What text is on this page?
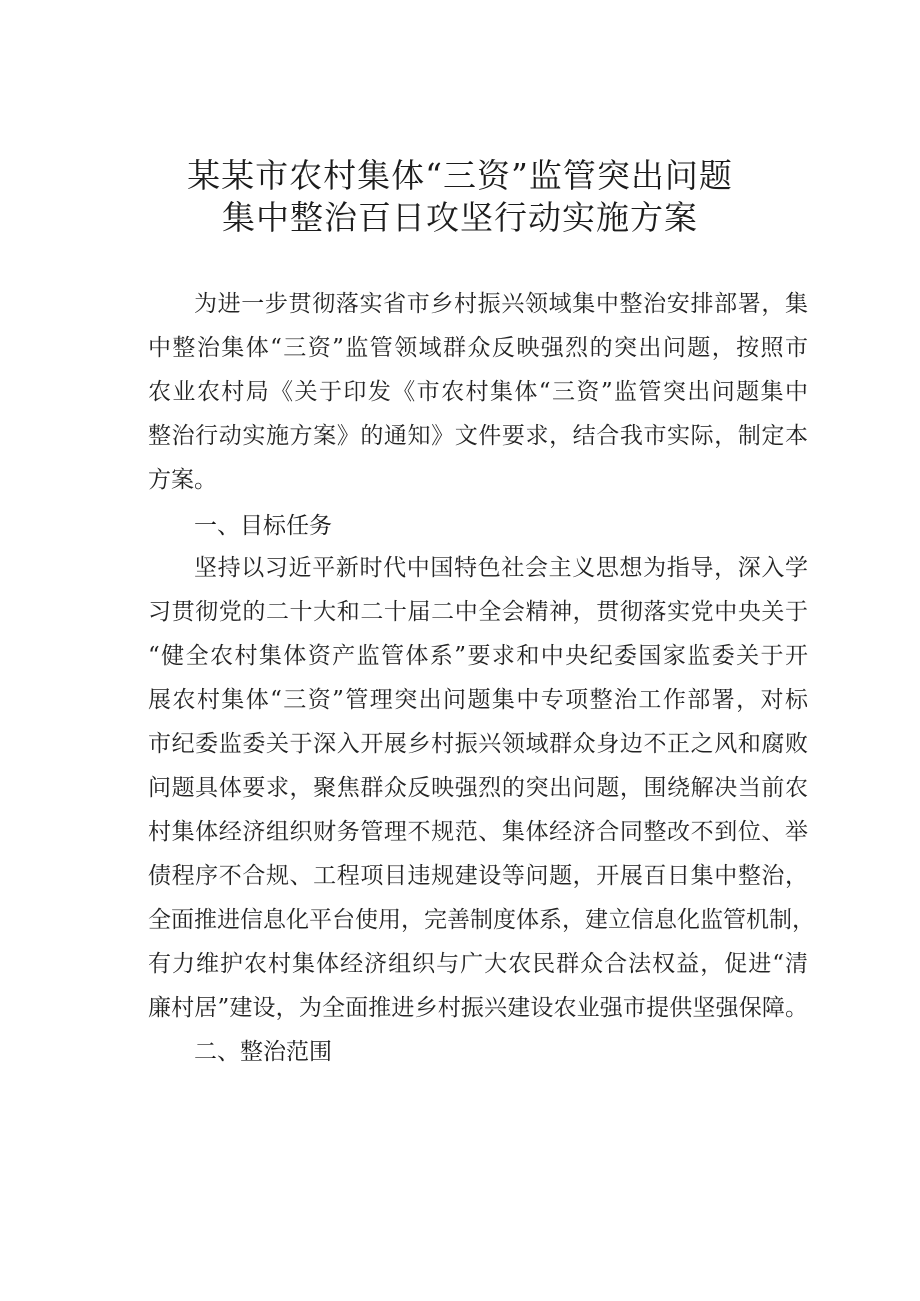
某某市农村集体“三资”监管突出问题
集中整治百日攻坚行动实施方案
为进一步贯彻落实省市乡村振兴领域集中整治安排部署，集
中整治集体“三资”监管领域群众反映强烈的突出问题，按照市
农业农村局《关于印发《市农村集体“三资”监管突出问题集中
整治行动实施方案》的通知》文件要求，结合我市实际，制定本
方案。
一、目标任务
坚持以习近平新时代中国特色社会主义思想为指导，深入学
习贯彻党的二十大和二十届二中全会精神，贯彻落实党中央关于
“健全农村集体资产监管体系”要求和中央纪委国家监委关于开
展农村集体“三资”管理突出问题集中专项整治工作部署，对标
市纪委监委关于深入开展乡村振兴领域群众身边不正之风和腐败
问题具体要求，聚焦群众反映强烈的突出问题，围绕解决当前农
村集体经济组织财务管理不规范、集体经济合同整改不到位、举
债程序不合规、工程项目违规建设等问题，开展百日集中整治，
全面推进信息化平台使用，完善制度体系，建立信息化监管机制，
有力维护农村集体经济组织与广大农民群众合法权益，促进“清
廉村居”建设，为全面推进乡村振兴建设农业强市提供坚强保障。
二、整治范围
